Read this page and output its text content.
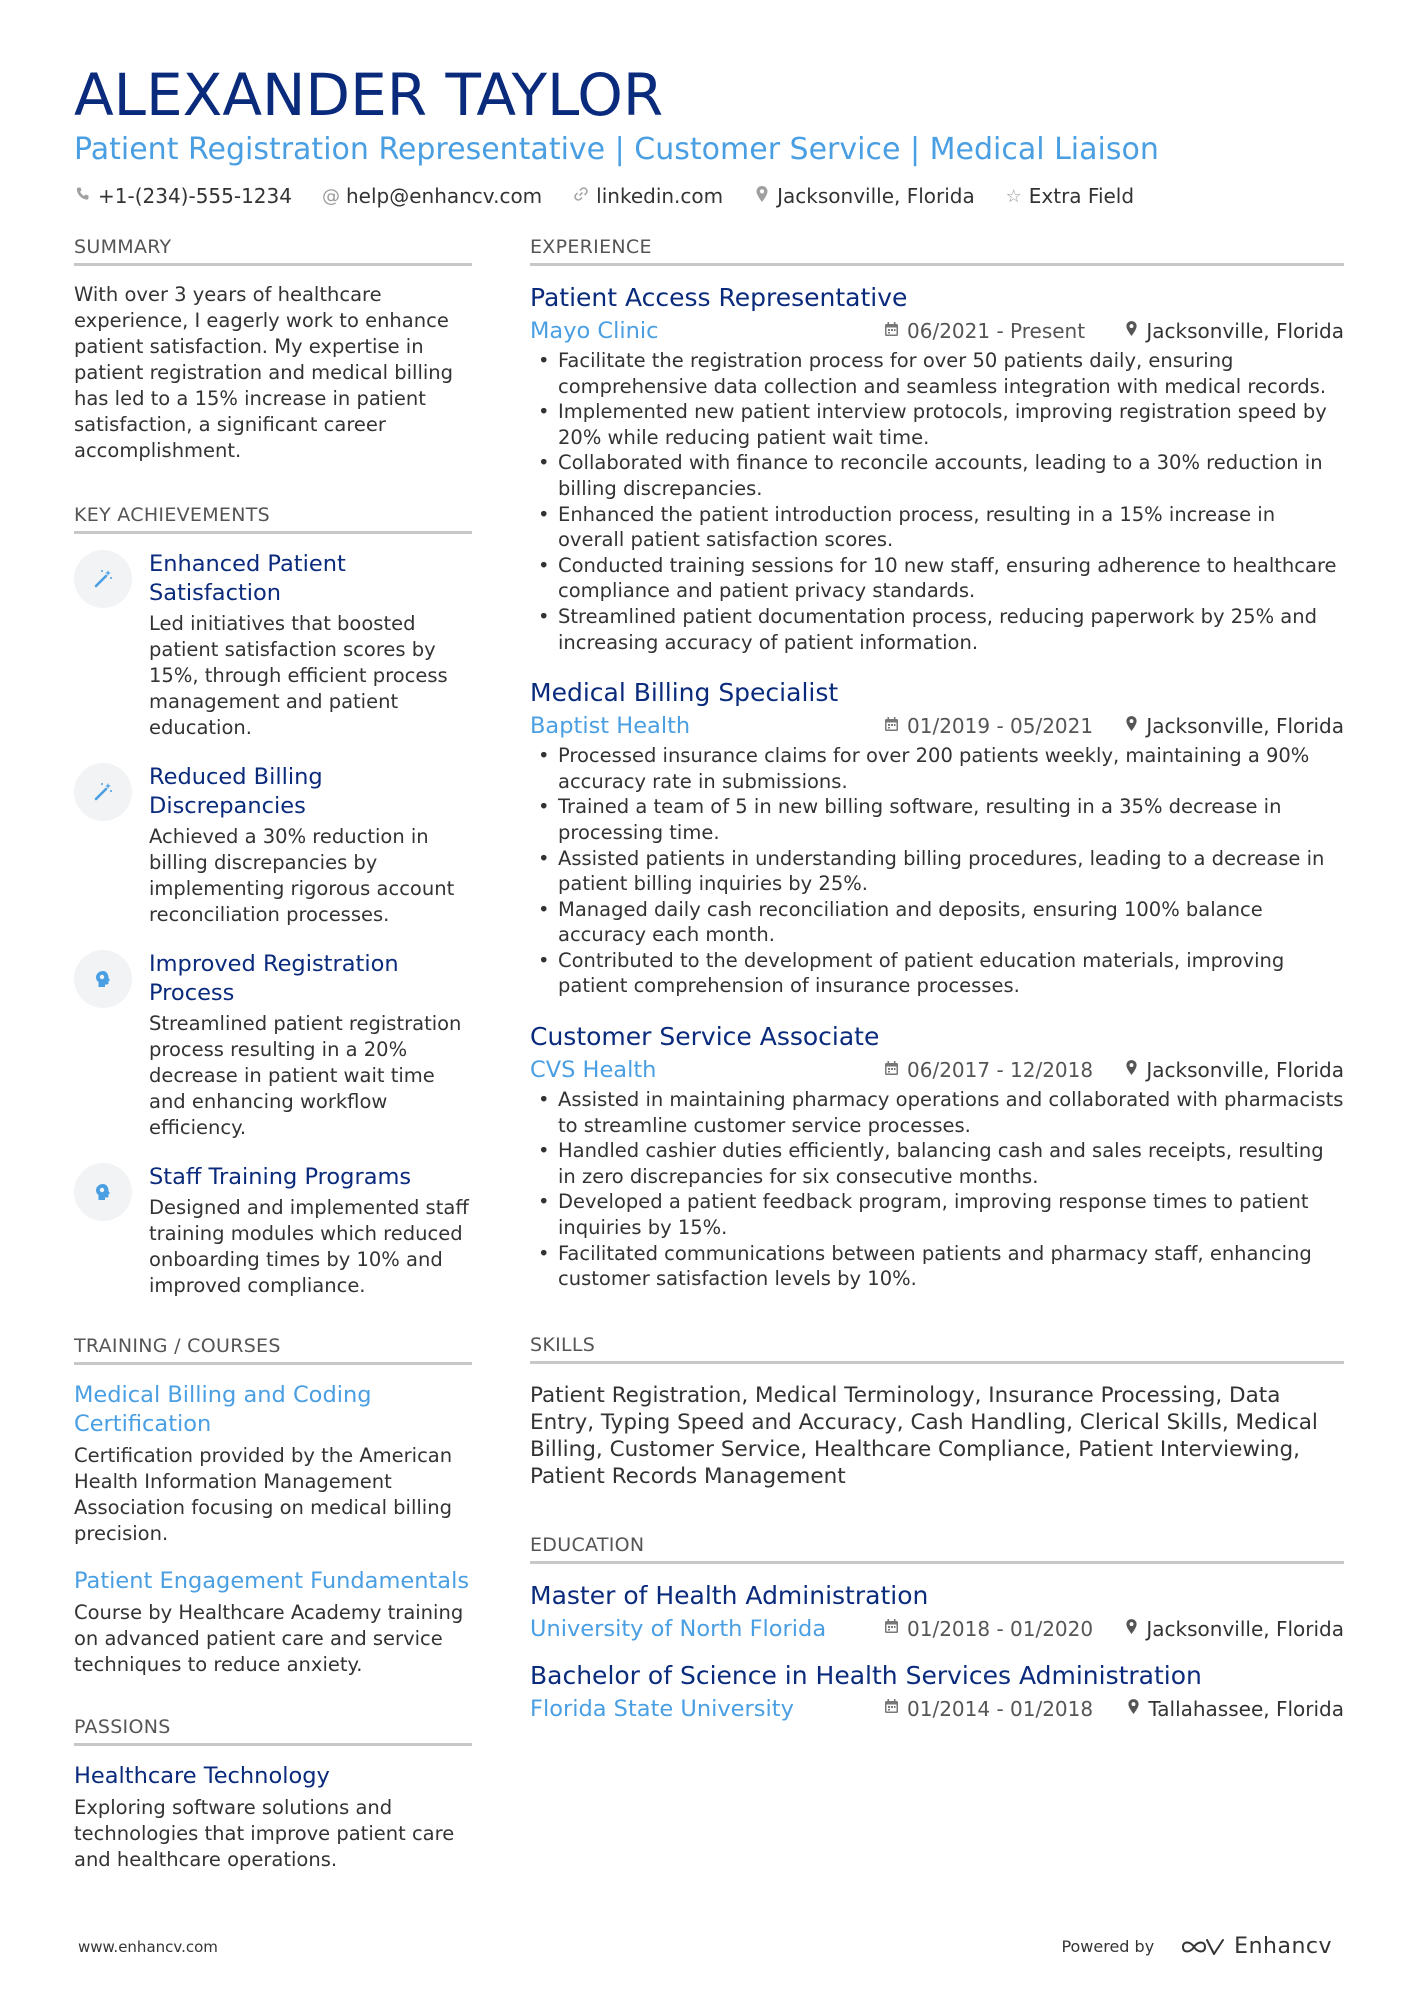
ALEXANDER TAYLOR
Patient Registration Representative | Customer Service | Medical Liaison
+1-(234)-555-1234 @ help@enhancv.com	linkedin.com	Jacksonville, Florida ☆ Extra Field
SUMMARY
With over 3 years of healthcare experience, I eagerly work to enhance patient satisfaction. My expertise in patient registration and medical billing has led to a 15% increase in patient satisfaction, a significant career accomplishment.
KEY ACHIEVEMENTS
Enhanced Patient Satisfaction
Led initiatives that boosted patient satisfaction scores by 15%, through efficient process management and patient education.
Reduced Billing Discrepancies
Achieved a 30% reduction in billing discrepancies by implementing rigorous account reconciliation processes.
Improved Registration Process
Streamlined patient registration process resulting in a 20% decrease in patient wait time and enhancing workflow efficiency.
Staff Training Programs
Designed and implemented staff training modules which reduced onboarding times by 10% and improved compliance.
TRAINING / COURSES
Medical Billing and Coding Certification
Certification provided by the American Health Information Management Association focusing on medical billing precision.
Patient Engagement Fundamentals
Course by Healthcare Academy training on advanced patient care and service techniques to reduce anxiety.
PASSIONS
Healthcare Technology
Exploring software solutions and technologies that improve patient care and healthcare operations.
EXPERIENCE
Patient Access Representative
Mayo Clinic	06/2021 - Present	Jacksonville, Florida
• Facilitate the registration process for over 50 patients daily, ensuring comprehensive data collection and seamless integration with medical records.
• Implemented new patient interview protocols, improving registration speed by 20% while reducing patient wait time.
• Collaborated with finance to reconcile accounts, leading to a 30% reduction in billing discrepancies.
• Enhanced the patient introduction process, resulting in a 15% increase in overall patient satisfaction scores.
• Conducted training sessions for 10 new staff, ensuring adherence to healthcare compliance and patient privacy standards.
• Streamlined patient documentation process, reducing paperwork by 25% and increasing accuracy of patient information.
Medical Billing Specialist
Baptist Health	01/2019 - 05/2021	Jacksonville, Florida
• Processed insurance claims for over 200 patients weekly, maintaining a 90% accuracy rate in submissions.
• Trained a team of 5 in new billing software, resulting in a 35% decrease in processing time.
• Assisted patients in understanding billing procedures, leading to a decrease in patient billing inquiries by 25%.
• Managed daily cash reconciliation and deposits, ensuring 100% balance accuracy each month.
• Contributed to the development of patient education materials, improving patient comprehension of insurance processes.
Customer Service Associate
CVS Health	06/2017 - 12/2018	Jacksonville, Florida
• Assisted in maintaining pharmacy operations and collaborated with pharmacists to streamline customer service processes.
• Handled cashier duties efficiently, balancing cash and sales receipts, resulting in zero discrepancies for six consecutive months.
• Developed a patient feedback program, improving response times to patient inquiries by 15%.
• Facilitated communications between patients and pharmacy staff, enhancing customer satisfaction levels by 10%.
SKILLS
Patient Registration, Medical Terminology, Insurance Processing, Data Entry, Typing Speed and Accuracy, Cash Handling, Clerical Skills, Medical Billing, Customer Service, Healthcare Compliance, Patient Interviewing, Patient Records Management
EDUCATION
Master of Health Administration
University of North Florida	01/2018 - 01/2020	Jacksonville, Florida
Bachelor of Science in Health Services Administration
Florida State University	01/2014 - 01/2018	Tallahassee, Florida
www.enhancv.com	Powered by	Enhancv
